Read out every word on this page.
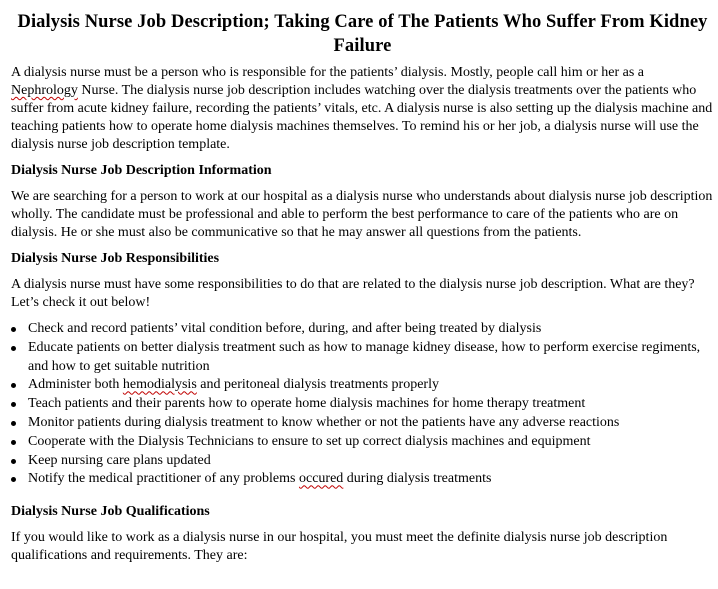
Dialysis Nurse Job Description; Taking Care of The Patients Who Suffer From Kidney Failure

A dialysis nurse must be a person who is responsible for the patients’ dialysis. Mostly, people call him or her as a Nephrology Nurse. The dialysis nurse job description includes watching over the dialysis treatments over the patients who suffer from acute kidney failure, recording the patients’ vitals, etc. A dialysis nurse is also setting up the dialysis machine and teaching patients how to operate home dialysis machines themselves. To remind his or her job, a dialysis nurse will use the dialysis nurse job description template.

Dialysis Nurse Job Description Information

We are searching for a person to work at our hospital as a dialysis nurse who understands about dialysis nurse job description wholly. The candidate must be professional and able to perform the best performance to care of the patients who are on dialysis. He or she must also be communicative so that he may answer all questions from the patients.

Dialysis Nurse Job Responsibilities

A dialysis nurse must have some responsibilities to do that are related to the dialysis nurse job description. What are they? Let’s check it out below!

Check and record patients’ vital condition before, during, and after being treated by dialysis
Educate patients on better dialysis treatment such as how to manage kidney disease, how to perform exercise regiments, and how to get suitable nutrition
Administer both hemodialysis and peritoneal dialysis treatments properly
Teach patients and their parents how to operate home dialysis machines for home therapy treatment
Monitor patients during dialysis treatment to know whether or not the patients have any adverse reactions
Cooperate with the Dialysis Technicians to ensure to set up correct dialysis machines and equipment
Keep nursing care plans updated
Notify the medical practitioner of any problems occured during dialysis treatments
Dialysis Nurse Job Qualifications

If you would like to work as a dialysis nurse in our hospital, you must meet the definite dialysis nurse job description qualifications and requirements. They are:
